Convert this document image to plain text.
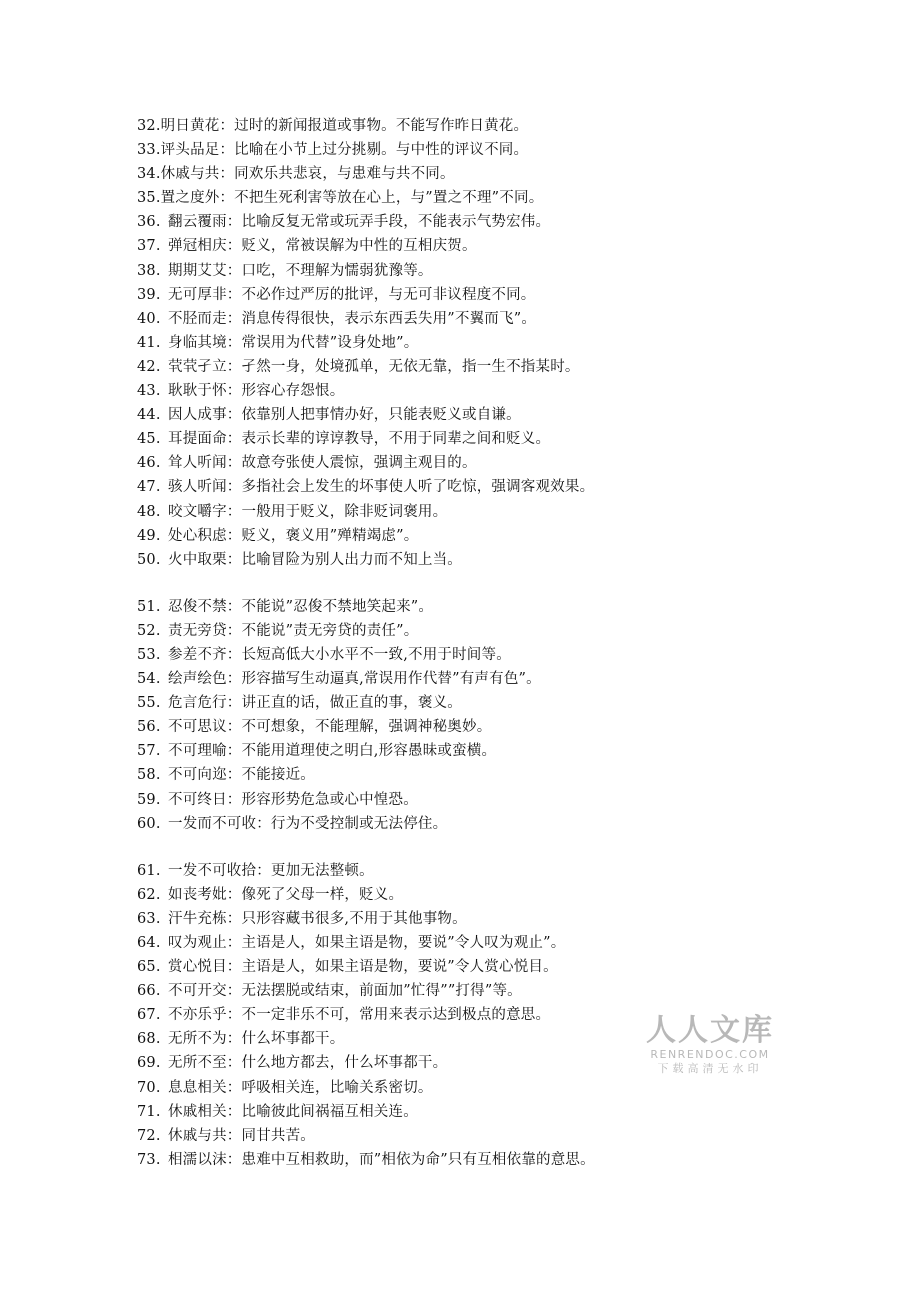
32.明日黄花：过时的新闻报道或事物。不能写作昨日黄花。
33.评头品足：比喻在小节上过分挑剔。与中性的评议不同。
34.休戚与共：同欢乐共悲哀，与患难与共不同。
35.置之度外：不把生死利害等放在心上，与”置之不理”不同。
36. 翻云覆雨：比喻反复无常或玩弄手段，不能表示气势宏伟。
37. 弹冠相庆：贬义，常被误解为中性的互相庆贺。
38. 期期艾艾：口吃，不理解为懦弱犹豫等。
39. 无可厚非：不必作过严厉的批评，与无可非议程度不同。
40. 不胫而走：消息传得很快，表示东西丢失用”不翼而飞”。
41. 身临其境：常误用为代替”设身处地”。
42. 茕茕孑立：孑然一身，处境孤单，无依无靠，指一生不指某时。
43. 耿耿于怀：形容心存怨恨。
44. 因人成事：依靠别人把事情办好，只能表贬义或自谦。
45. 耳提面命：表示长辈的谆谆教导，不用于同辈之间和贬义。
46. 耸人听闻：故意夸张使人震惊，强调主观目的。
47. 骇人听闻：多指社会上发生的坏事使人听了吃惊，强调客观效果。
48. 咬文嚼字：一般用于贬义，除非贬词褒用。
49. 处心积虑：贬义，褒义用”殚精竭虑”。
50. 火中取栗：比喻冒险为别人出力而不知上当。
51. 忍俊不禁：不能说”忍俊不禁地笑起来”。
52. 责无旁贷：不能说”责无旁贷的责任”。
53. 参差不齐：长短高低大小水平不一致,不用于时间等。
54. 绘声绘色：形容描写生动逼真,常误用作代替”有声有色”。
55. 危言危行：讲正直的话，做正直的事，褒义。
56. 不可思议：不可想象，不能理解，强调神秘奥妙。
57. 不可理喻：不能用道理使之明白,形容愚昧或蛮横。
58. 不可向迩：不能接近。
59. 不可终日：形容形势危急或心中惶恐。
60. 一发而不可收：行为不受控制或无法停住。
61. 一发不可收拾：更加无法整顿。
62. 如丧考妣：像死了父母一样，贬义。
63. 汗牛充栋：只形容藏书很多,不用于其他事物。
64. 叹为观止：主语是人，如果主语是物，要说”令人叹为观止”。
65. 赏心悦目：主语是人，如果主语是物，要说”令人赏心悦目。
66. 不可开交：无法摆脱或结束，前面加”忙得””打得”等。
67. 不亦乐乎：不一定非乐不可，常用来表示达到极点的意思。
68. 无所不为：什么坏事都干。
69. 无所不至：什么地方都去，什么坏事都干。
70. 息息相关：呼吸相关连，比喻关系密切。
71. 休戚相关：比喻彼此间祸福互相关连。
72. 休戚与共：同甘共苦。
73. 相濡以沫：患难中互相救助，而”相依为命”只有互相依靠的意思。
人人文库
RENRENDOC.COM
下载高清无水印
